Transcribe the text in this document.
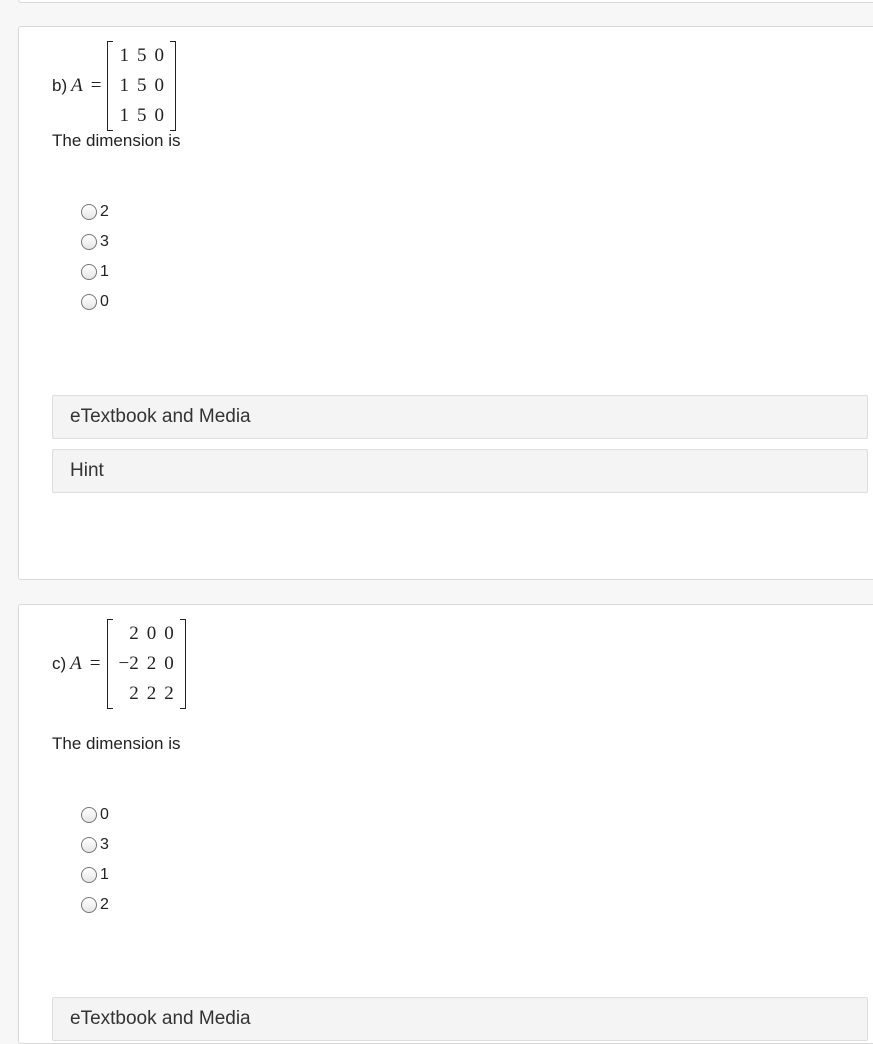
b) A =
1	5	0
1	5	0
1	5	0
The dimension is
2
3
1
0
eTextbook and Media
Hint
c) A =
2	0	0
−2	2	0
2	2	2
The dimension is
0
3
1
2
eTextbook and Media
